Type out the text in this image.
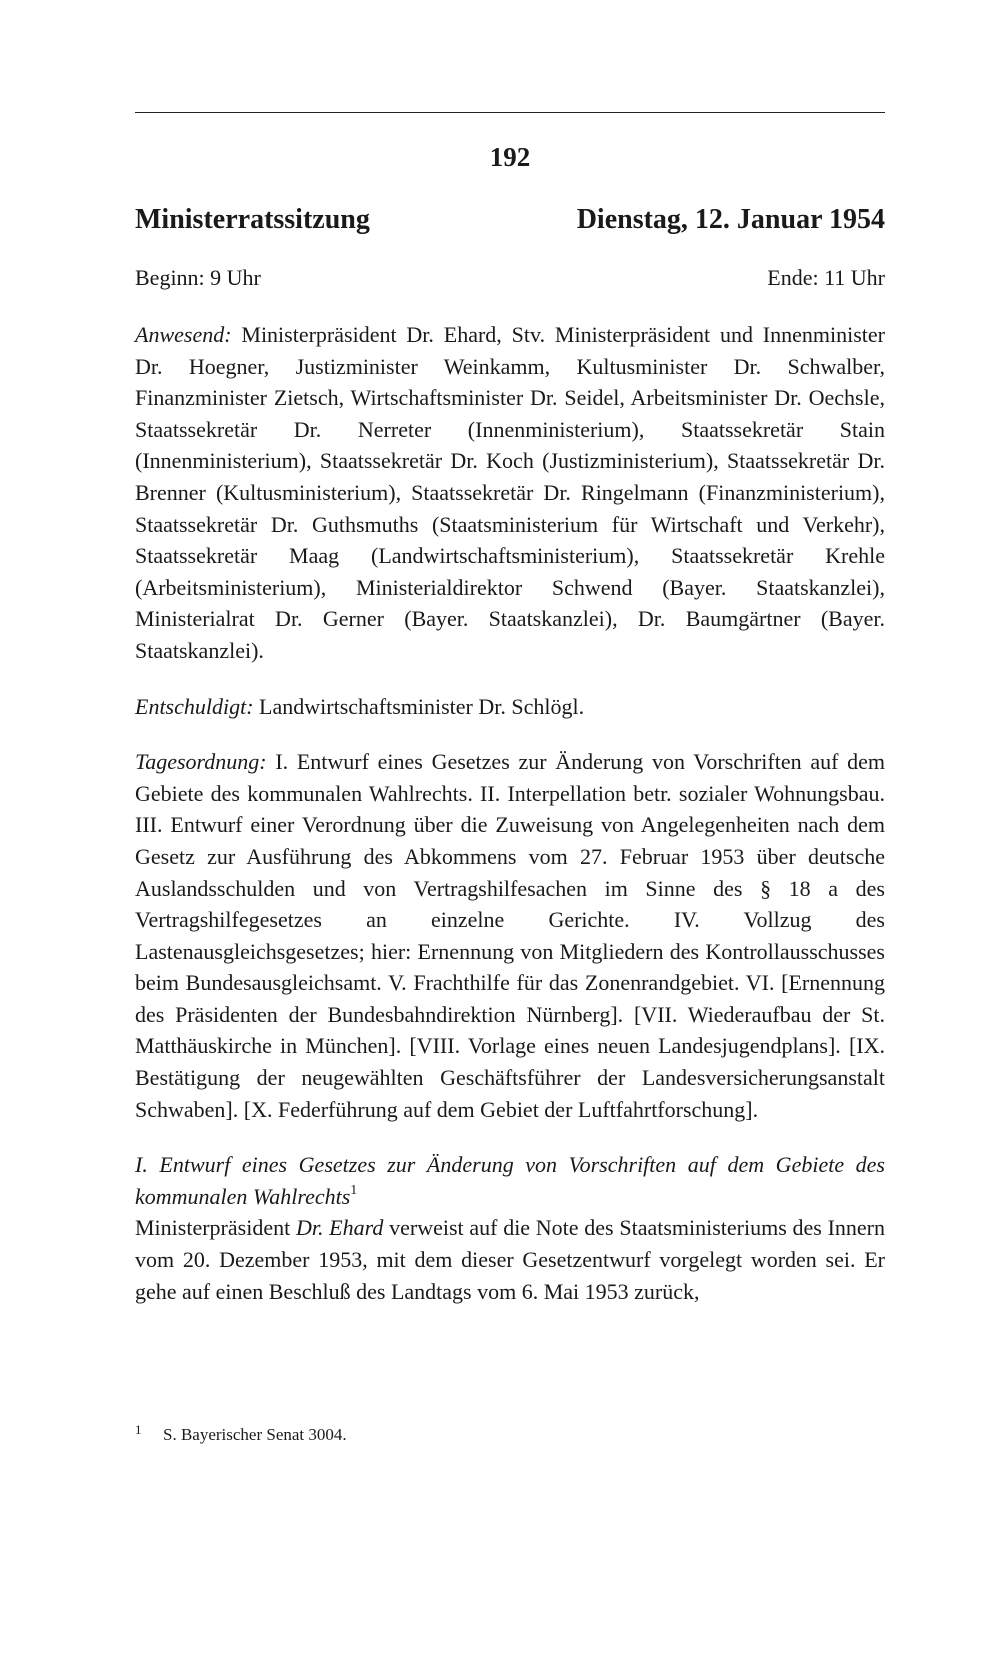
192
Ministerratssitzung	Dienstag, 12. Januar 1954
Beginn: 9 Uhr	Ende: 11 Uhr

Anwesend: Ministerpräsident Dr. Ehard, Stv. Ministerpräsident und Innenminister Dr. Hoegner, Justizminister Weinkamm, Kultusminister Dr. Schwalber, Finanzminister Zietsch, Wirtschaftsminister Dr. Seidel, Arbeitsminister Dr. Oechsle, Staatssekretär Dr. Nerreter (Innenministerium), Staatssekretär Stain (Innenministerium), Staatssekretär Dr. Koch (Justizministerium), Staatssekretär Dr. Brenner (Kultusministerium), Staatssekretär Dr. Ringelmann (Finanzministerium), Staatssekretär Dr. Guthsmuths (Staatsministerium für Wirtschaft und Verkehr), Staatssekretär Maag (Landwirtschaftsministerium), Staatssekretär Krehle (Arbeitsministerium), Ministerialdirektor Schwend (Bayer. Staatskanzlei), Ministerialrat Dr. Gerner (Bayer. Staatskanzlei), Dr. Baumgärtner (Bayer. Staatskanzlei).

Entschuldigt: Landwirtschaftsminister Dr. Schlögl.

Tagesordnung: I. Entwurf eines Gesetzes zur Änderung von Vorschriften auf dem Gebiete des kommunalen Wahlrechts. II. Interpellation betr. sozialer Wohnungsbau. III. Entwurf einer Verordnung über die Zuweisung von Angelegenheiten nach dem Gesetz zur Ausführung des Abkommens vom 27. Februar 1953 über deutsche Auslandsschulden und von Vertragshilfesachen im Sinne des § 18 a des Vertragshilfegesetzes an einzelne Gerichte. IV. Vollzug des Lastenausgleichsgesetzes; hier: Ernennung von Mitgliedern des Kontrollausschusses beim Bundesausgleichsamt. V. Frachthilfe für das Zonenrandgebiet. VI. [Ernennung des Präsidenten der Bundesbahndirektion Nürnberg]. [VII. Wiederaufbau der St. Matthäuskirche in München]. [VIII. Vorlage eines neuen Landesjugendplans]. [IX. Bestätigung der neugewählten Geschäftsführer der Landesversicherungsanstalt Schwaben]. [X. Federführung auf dem Gebiet der Luftfahrtforschung].

I. Entwurf eines Gesetzes zur Änderung von Vorschriften auf dem Gebiete des kommunalen Wahlrechts$^1$

Ministerpräsident Dr. Ehard verweist auf die Note des Staatsministeriums des Innern vom 20. Dezember 1953, mit dem dieser Gesetzentwurf vorgelegt worden sei. Er gehe auf einen Beschluß des Landtags vom 6. Mai 1953 zurück,

1	S. Bayerischer Senat 3004.
